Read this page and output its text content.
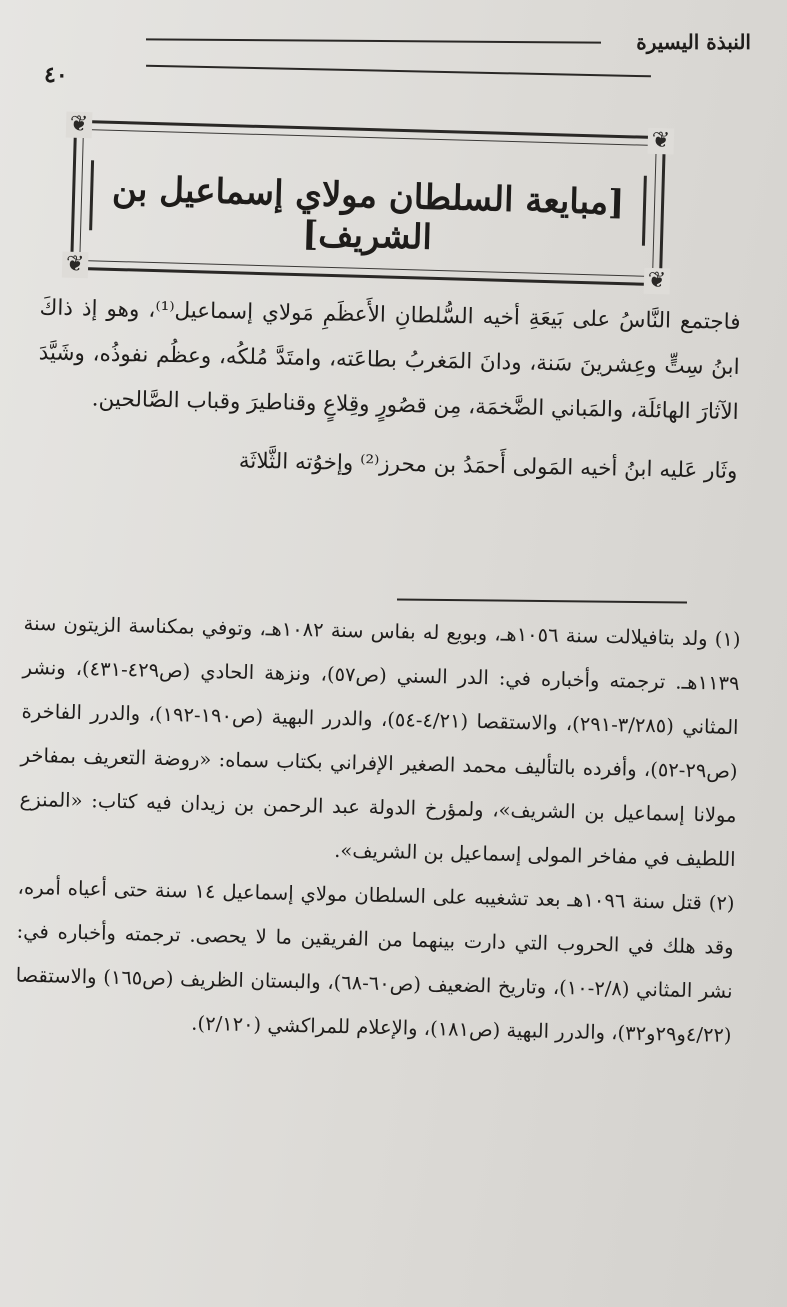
النبذة اليسيرة
٤٠
❦
❦
❦
❦
[مبايعة السلطان مولاي إسماعيل بن الشريف]

فاجتمع النَّاسُ على بَيعَةِ أخيه السُّلطانِ الأَعظَمِ مَولاي إسماعيل⁽¹⁾، وهو إذ ذاكَ ابنُ سِتٍّ وعِشرينَ سَنة، ودانَ المَغربُ بطاعَته، وامتَدَّ مُلكُه، وعظُم نفوذُه، وشَيَّدَ الآثارَ الهائلَة، والمَباني الضَّخمَة، مِن قصُورٍ وقِلاعٍ وقناطيرَ وقباب الصَّالحين.

وثَار عَليه ابنُ أخيه المَولى أَحمَدُ بن محرز⁽²⁾ وإخوُته الثَّلاثَة

(١) ولد بتافيلالت سنة ١٠٥٦هـ، وبويع له بفاس سنة ١٠٨٢هـ، وتوفي بمكناسة الزيتون سنة ١١٣٩هـ. ترجمته وأخباره في: الدر السني (ص٥٧)، ونزهة الحادي (ص٤٢٩-٤٣١)، ونشر المثاني (٣/٢٨٥-٢٩١)، والاستقصا (٤/٢١-٥٤)، والدرر البهية (ص١٩٠-١٩٢)، والدرر الفاخرة (ص٢٩-٥٢)، وأفرده بالتأليف محمد الصغير الإفراني بكتاب سماه: «روضة التعريف بمفاخر مولانا إسماعيل بن الشريف»، ولمؤرخ الدولة عبد الرحمن بن زيدان فيه كتاب: «المنزع اللطيف في مفاخر المولى إسماعيل بن الشريف».

(٢) قتل سنة ١٠٩٦هـ بعد تشغيبه على السلطان مولاي إسماعيل ١٤ سنة حتى أعياه أمره، وقد هلك في الحروب التي دارت بينهما من الفريقين ما لا يحصى. ترجمته وأخباره في: نشر المثاني (٢/٨-١٠)، وتاريخ الضعيف (ص٦٠-٦٨)، والبستان الظريف (ص١٦٥) والاستقصا (٤/٢٢و٢٩و٣٢)، والدرر البهية (ص١٨١)، والإعلام للمراكشي (٢/١٢٠).
